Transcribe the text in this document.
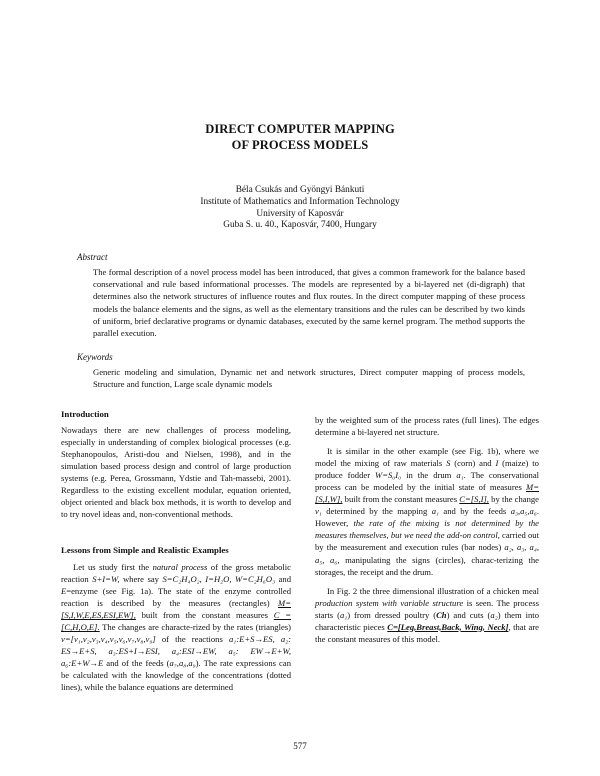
DIRECT COMPUTER MAPPING
OF PROCESS MODELS
Béla Csukás and Gyöngyi Bánkuti
Institute of Mathematics and Information Technology
University of Kaposvár
Guba S. u. 40., Kaposvár, 7400, Hungary
Abstract
The formal description of a novel process model has been introduced, that gives a common framework for the balance based conservational and rule based informational processes. The models are represented by a bi-layered net (di-digraph) that determines also the network structures of influence routes and flux routes. In the direct computer mapping of these process models the balance elements and the signs, as well as the elementary transitions and the rules can be described by two kinds of uniform, brief declarative programs or dynamic databases, executed by the same kernel program. The method supports the parallel execution.
Keywords
Generic modeling and simulation, Dynamic net and network structures, Direct computer mapping of process models, Structure and function, Large scale dynamic models
Introduction
Nowadays there are new challenges of process modeling, especially in understanding of complex biological processes (e.g. Stephanopoulos, Aristi-dou and Nielsen, 1998), and in the simulation based process design and control of large production systems (e.g. Perea, Grossmann, Ydstie and Tah-massebi, 2001). Regardless to the existing excellent modular, equation oriented, object oriented and black box methods, it is worth to develop and to try novel ideas and, non-conventional methods.
Lessons from Simple and Realistic Examples

Let us study first the natural process of the gross metabolic reaction S+I=W, where say S=C₂H₄O₂, I=H₂O, W=C₂H₆O₃ and E=enzyme (see Fig. 1a). The state of the enzyme controlled reaction is described by the measures (rectangles) M=[S,I,W,E,ES,ESI,EW], built from the constant measures C =[C,H,O,E]. The changes are characte-rized by the rates (triangles) v=[v₁,v₂,v₃,v₄,v₅,v₆,v₇,v₈,v₉] of the reactions a₁:E+S→ES, a₂: ES→E+S, a₃:ES+I→ESI, a₄:ESI→EW, a₅: EW→E+W, a₆:E+W→E and of the feeds (a₇,a₈,a₉). The rate expressions can be calculated with the knowledge of the concentrations (dotted lines), while the balance equations are determined

by the weighted sum of the process rates (full lines). The edges determine a bi-layered net structure.

It is similar in the other example (see Fig. 1b), where we model the mixing of raw materials S (corn) and I (maize) to produce fodder W=S₀I₀ in the drum a₁. The conservational process can be modeled by the initial state of measures M=[S,I,W], built from the constant measures C=[S,I], by the change v₁ determined by the mapping a₁ and by the feeds a₃,a₅,a₆. However, the rate of the mixing is not determined by the measures themselves, but we need the add-on control, carried out by the measurement and execution rules (bar nodes) a₂, a₃, a₄, a₅, a₆, manipulating the signs (circles), charac-terizing the storages, the receipt and the drum.

In Fig. 2 the three dimensional illustration of a chicken meal production system with variable structure is seen. The process starts (a₁) from dressed poultry (Ch) and cuts (a₂) them into characteristic pieces C=[Leg,Breast,Back, Wing, Neck], that are the constant measures of this model.

577
